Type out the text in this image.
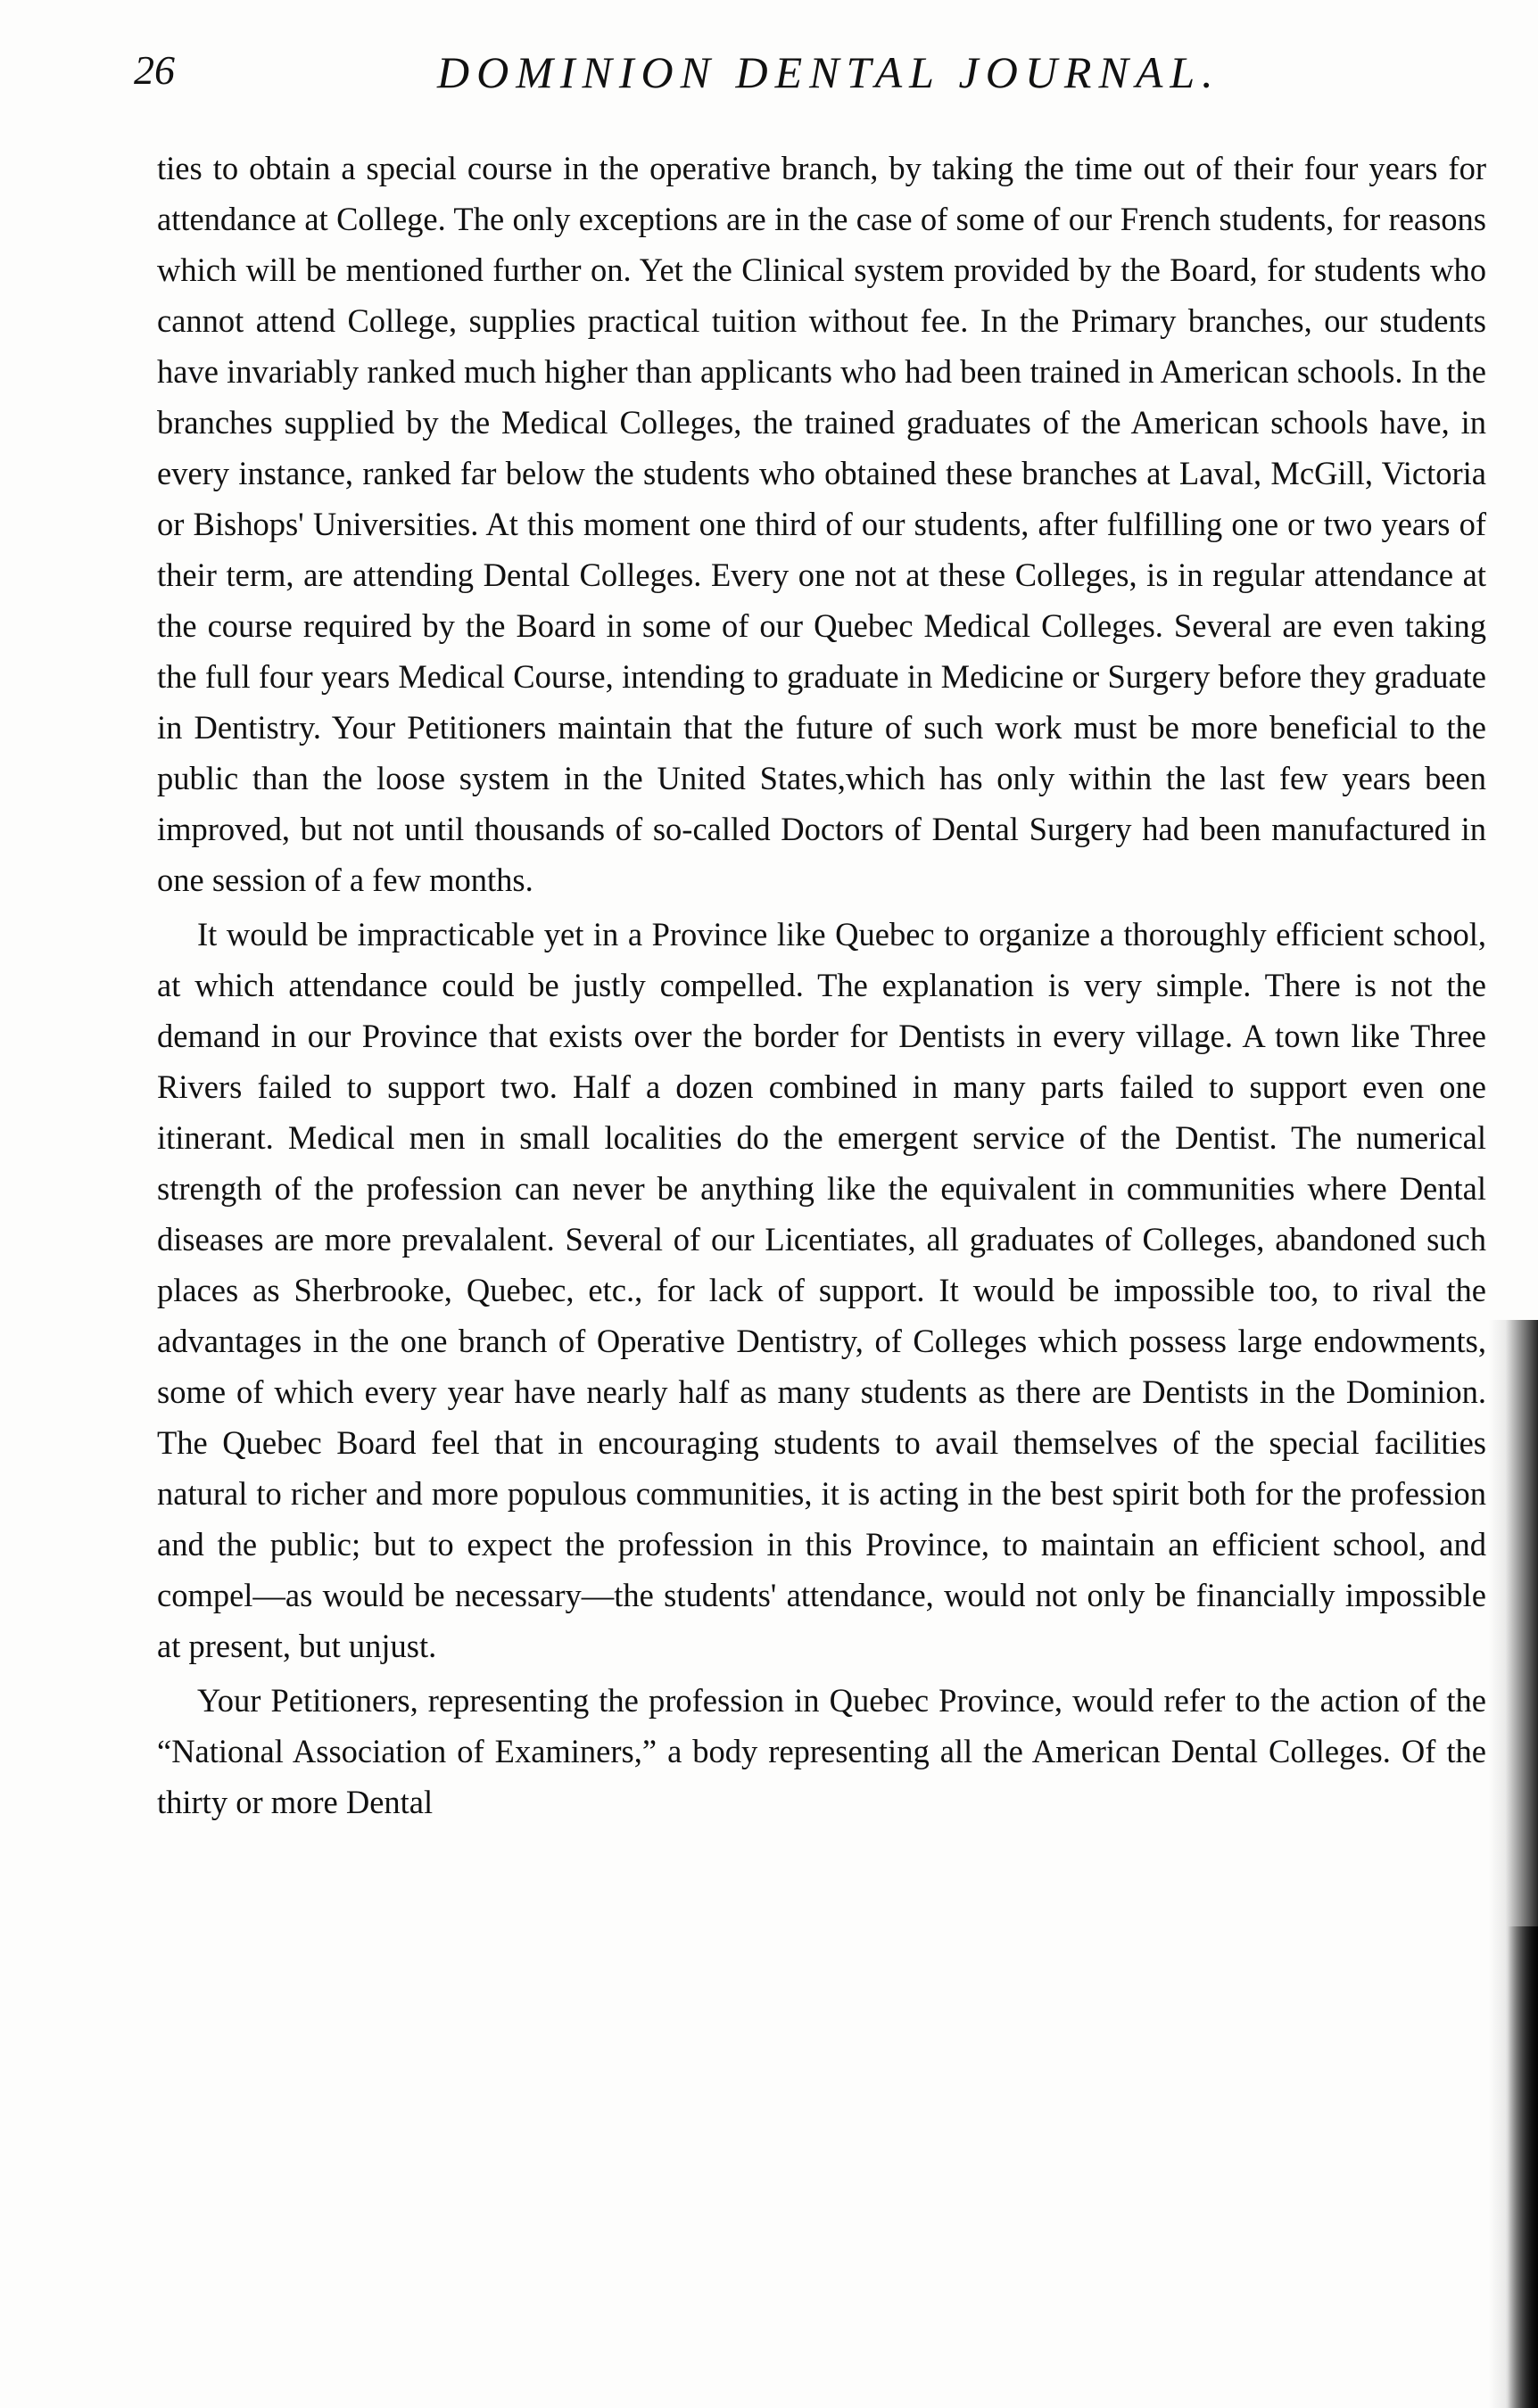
26	DOMINION DENTAL JOURNAL.

ties to obtain a special course in the operative branch, by taking the time out of their four years for attendance at College. The only exceptions are in the case of some of our French students, for reasons which will be mentioned further on. Yet the Clinical system provided by the Board, for students who cannot attend College, supplies practical tuition without fee. In the Primary branches, our students have invariably ranked much higher than applicants who had been trained in American schools. In the branches supplied by the Medical Colleges, the trained graduates of the American schools have, in every instance, ranked far below the students who obtained these branches at Laval, McGill, Victoria or Bishops' Universities. At this moment one third of our students, after fulfilling one or two years of their term, are attending Dental Colleges. Every one not at these Colleges, is in regular attendance at the course required by the Board in some of our Quebec Medical Colleges. Several are even taking the full four years Medical Course, intending to graduate in Medicine or Surgery before they graduate in Dentistry. Your Petitioners maintain that the future of such work must be more beneficial to the public than the loose system in the United States,which has only within the last few years been improved, but not until thousands of so-called Doctors of Dental Surgery had been manufactured in one session of a few months.

It would be impracticable yet in a Province like Quebec to organize a thoroughly efficient school, at which attendance could be justly compelled. The explanation is very simple. There is not the demand in our Province that exists over the border for Dentists in every village. A town like Three Rivers failed to support two. Half a dozen combined in many parts failed to support even one itinerant. Medical men in small localities do the emergent service of the Dentist. The numerical strength of the profession can never be anything like the equivalent in communities where Dental diseases are more prevalalent. Several of our Licentiates, all graduates of Colleges, abandoned such places as Sherbrooke, Quebec, etc., for lack of support. It would be impossible too, to rival the advantages in the one branch of Operative Dentistry, of Colleges which possess large endowments, some of which every year have nearly half as many students as there are Dentists in the Dominion. The Quebec Board feel that in encouraging students to avail themselves of the special facilities natural to richer and more populous communities, it is acting in the best spirit both for the profession and the public; but to expect the profession in this Province, to maintain an efficient school, and compel—as would be necessary—the students' attendance, would not only be financially impossible at present, but unjust.

Your Petitioners, representing the profession in Quebec Province, would refer to the action of the “National Association of Examiners,” a body representing all the American Dental Colleges. Of the thirty or more Dental
